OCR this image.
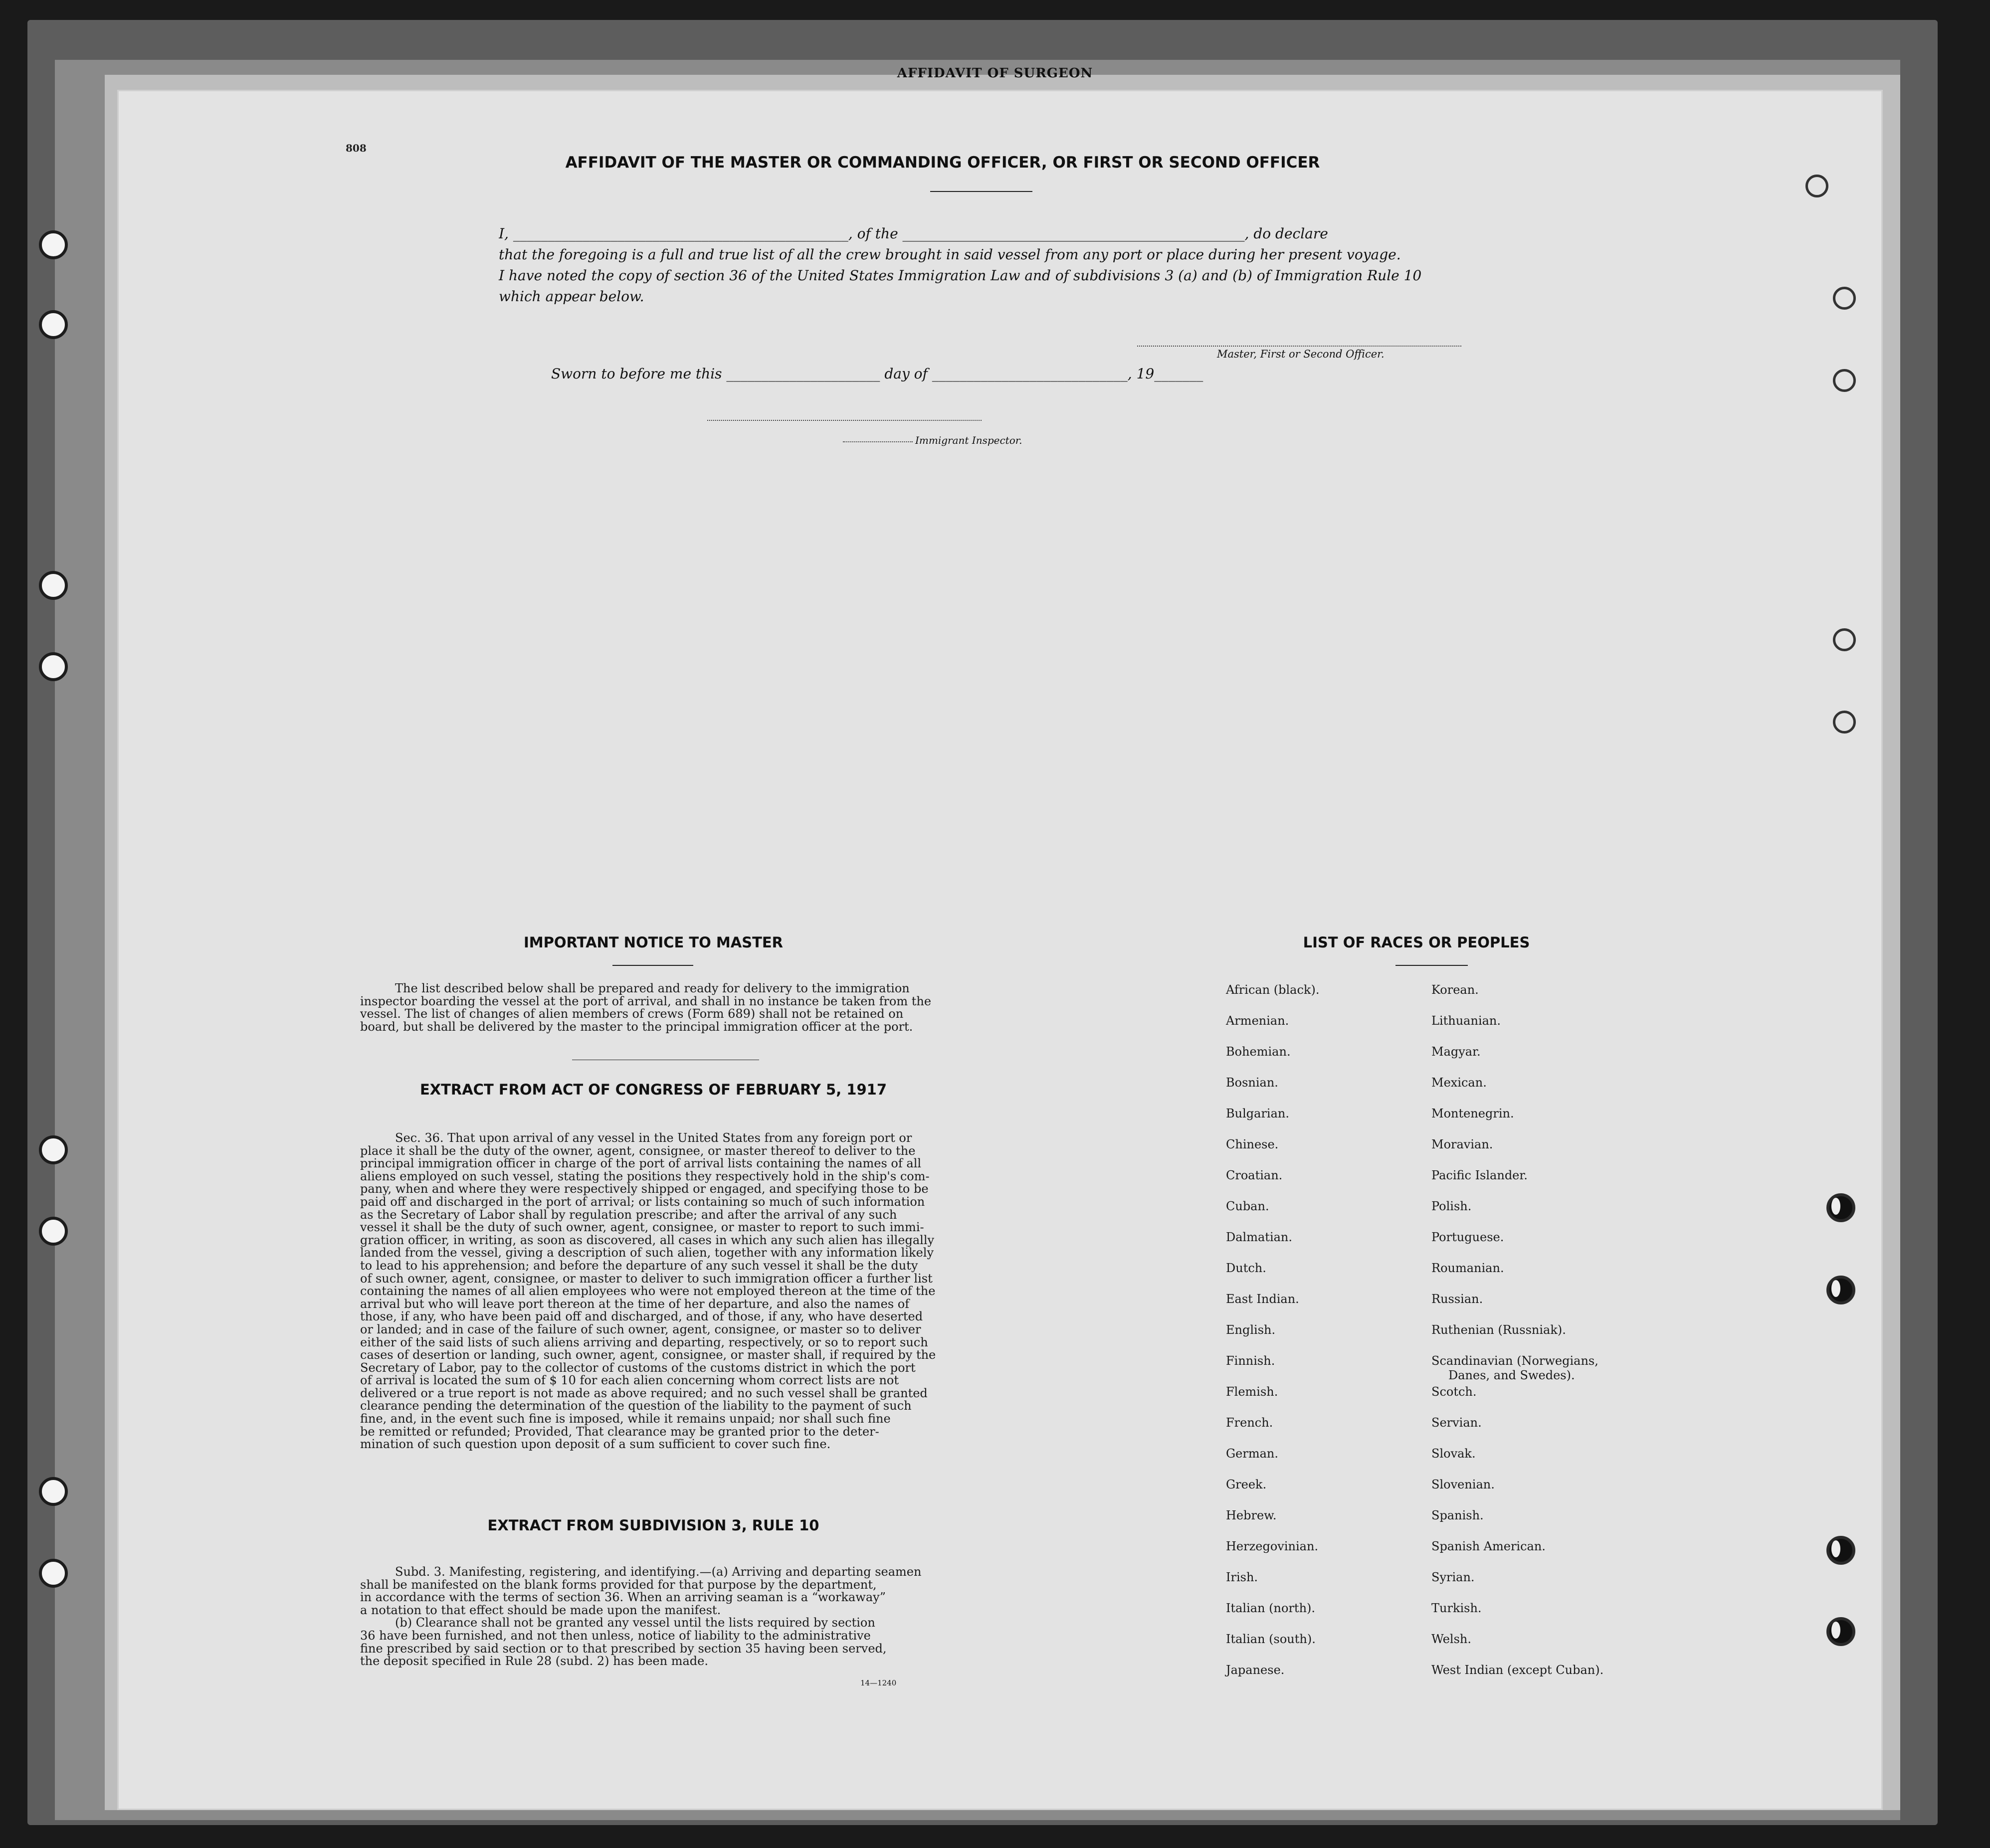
AFFIDAVIT OF SURGEON
808
AFFIDAVIT OF THE MASTER OR COMMANDING OFFICER, OR FIRST OR SECOND OFFICER
I, ________________________________________________, of the _________________________________________________, do declare
that the foregoing is a full and true list of all the crew brought in said vessel from any port or place during her present voyage.
I have noted the copy of section 36 of the United States Immigration Law and of subdivisions 3 (a) and (b) of Immigration Rule 10
which appear below.
Master, First or Second Officer.
Sworn to before me this ______________________ day of ____________________________, 19_______
Immigrant Inspector.
IMPORTANT NOTICE TO MASTER
The list described below shall be prepared and ready for delivery to the immigration
inspector boarding the vessel at the port of arrival, and shall in no instance be taken from the
vessel. The list of changes of alien members of crews (Form 689) shall not be retained on
board, but shall be delivered by the master to the principal immigration officer at the port.
EXTRACT FROM ACT OF CONGRESS OF FEBRUARY 5, 1917
Sec. 36. That upon arrival of any vessel in the United States from any foreign port or
place it shall be the duty of the owner, agent, consignee, or master thereof to deliver to the
principal immigration officer in charge of the port of arrival lists containing the names of all
aliens employed on such vessel, stating the positions they respectively hold in the ship's com-
pany, when and where they were respectively shipped or engaged, and specifying those to be
paid off and discharged in the port of arrival; or lists containing so much of such information
as the Secretary of Labor shall by regulation prescribe; and after the arrival of any such
vessel it shall be the duty of such owner, agent, consignee, or master to report to such immi-
gration officer, in writing, as soon as discovered, all cases in which any such alien has illegally
landed from the vessel, giving a description of such alien, together with any information likely
to lead to his apprehension; and before the departure of any such vessel it shall be the duty
of such owner, agent, consignee, or master to deliver to such immigration officer a further list
containing the names of all alien employees who were not employed thereon at the time of the
arrival but who will leave port thereon at the time of her departure, and also the names of
those, if any, who have been paid off and discharged, and of those, if any, who have deserted
or landed; and in case of the failure of such owner, agent, consignee, or master so to deliver
either of the said lists of such aliens arriving and departing, respectively, or so to report such
cases of desertion or landing, such owner, agent, consignee, or master shall, if required by the
Secretary of Labor, pay to the collector of customs of the customs district in which the port
of arrival is located the sum of $ 10 for each alien concerning whom correct lists are not
delivered or a true report is not made as above required; and no such vessel shall be granted
clearance pending the determination of the question of the liability to the payment of such
fine, and, in the event such fine is imposed, while it remains unpaid; nor shall such fine
be remitted or refunded; Provided, That clearance may be granted prior to the deter-
mination of such question upon deposit of a sum sufficient to cover such fine.
EXTRACT FROM SUBDIVISION 3, RULE 10
Subd. 3. Manifesting, registering, and identifying.—(a) Arriving and departing seamen
shall be manifested on the blank forms provided for that purpose by the department,
in accordance with the terms of section 36. When an arriving seaman is a “workaway”
a notation to that effect should be made upon the manifest.
(b) Clearance shall not be granted any vessel until the lists required by section
36 have been furnished, and not then unless, notice of liability to the administrative
fine prescribed by said section or to that prescribed by section 35 having been served,
the deposit specified in Rule 28 (subd. 2) has been made.
14—1240
LIST OF RACES OR PEOPLES
African (black).
Armenian.
Bohemian.
Bosnian.
Bulgarian.
Chinese.
Croatian.
Cuban.
Dalmatian.
Dutch.
East Indian.
English.
Finnish.
Flemish.
French.
German.
Greek.
Hebrew.
Herzegovinian.
Irish.
Italian (north).
Italian (south).
Japanese.
Korean.
Lithuanian.
Magyar.
Mexican.
Montenegrin.
Moravian.
Pacific Islander.
Polish.
Portuguese.
Roumanian.
Russian.
Ruthenian (Russniak).
Scandinavian (Norwegians,
Danes, and Swedes).
Scotch.
Servian.
Slovak.
Slovenian.
Spanish.
Spanish American.
Syrian.
Turkish.
Welsh.
West Indian (except Cuban).
